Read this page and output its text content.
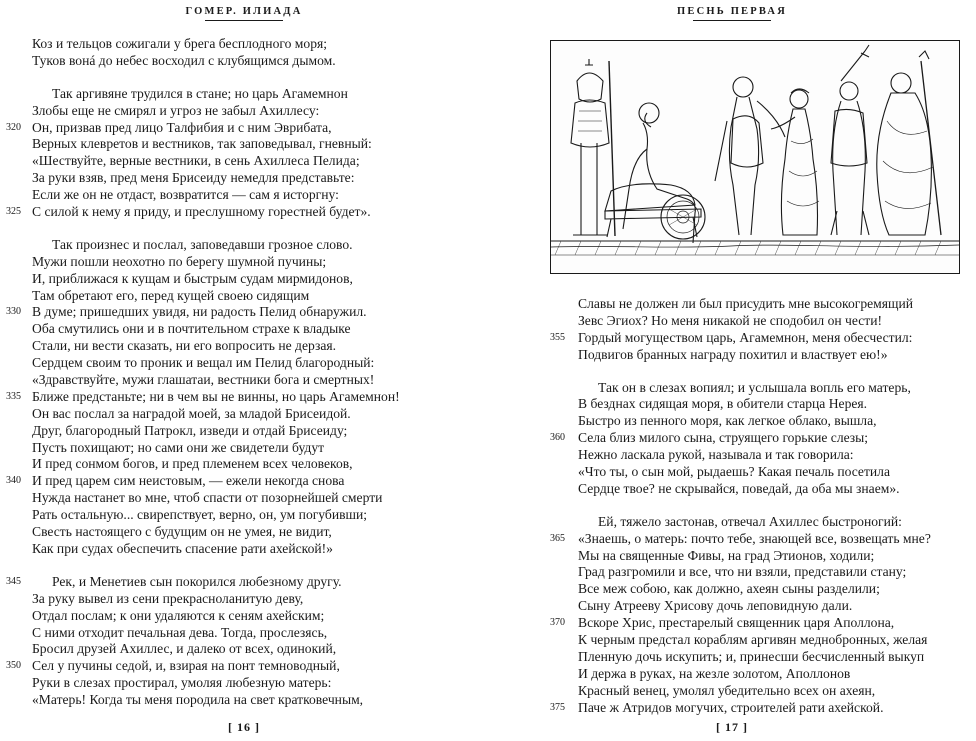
ГОМЕР. ИЛИАДА
Коз и тельцов сожигали у брега бесплодного моря;
Туков вонá до небес восходил с клубящимся дымом.
Так аргивяне трудился в стане; но царь Агамемнон
Злобы еще не смирял и угроз не забыл Ахиллесу:
320 Он, призвав пред лицо Талфибия и с ним Эврибата,
Верных клевретов и вестников, так заповедывал, гневный:
«Шествуйте, верные вестники, в сень Ахиллеса Пелида;
За руки взяв, пред меня Брисеиду немедля представьте:
Если же он не отдаст, возвратится — сам я исторгну:
325 С силой к нему я приду, и преслушному горестней будет».
Так произнес и послал, заповедавши грозное слово.
Мужи пошли неохотно по берегу шумной пучины;
И, приближася к кущам и быстрым судам мирмидонов,
Там обретают его, перед кущей своею сидящим
330 В думе; пришедших увидя, ни радость Пелид обнаружил.
Оба смутились они и в почтительном страхе к владыке
Стали, ни вести сказать, ни его вопросить не дерзая.
Сердцем своим то проник и вещал им Пелид благородный:
«Здравствуйте, мужи глашатаи, вестники бога и смертных!
335 Ближе предстаньте; ни в чем вы не винны, но царь Агамемнон!
Он вас послал за наградой моей, за младой Брисеидой.
Друг, благородный Патрокл, изведи и отдай Брисеиду;
Пусть похищают; но сами они же свидетели будут
И пред сонмом богов, и пред племенем всех человеков,
340 И пред царем сим неистовым, — ежели некогда снова
Нужда настанет во мне, чтоб спасти от позорнейшей смерти
Рать остальную... свирепствует, верно, он, ум погубивши;
Свесть настоящего с будущим он не умея, не видит,
Как при судах обеспечить спасение рати ахейской!»
345 Рек, и Менетиев сын покорился любезному другу.
За руку вывел из сени прекрасноланитую деву,
Отдал послам; к они удаляются к сеням ахейским;
С ними отходит печальная дева. Тогда, прослезясь,
Бросил друзей Ахиллес, и далеко от всех, одинокий,
350 Сел у пучины седой, и, взирая на понт темноводный,
Руки в слезах простирал, умоляя любезную матерь:
«Матерь! Когда ты меня породила на свет кратковечным,
[ 16 ]
ПЕСНЬ ПЕРВАЯ
Славы не должен ли был присудить мне высокогремящий
Зевс Эгиох? Но меня никакой не сподобил он чести!
355 Гордый могуществом царь, Агамемнон, меня обесчестил:
Подвигов бранных награду похитил и властвует ею!»
Так он в слезах вопиял; и услышала вопль его матерь,
В безднах сидящая моря, в обители старца Нерея.
Быстро из пенного моря, как легкое облако, вышла,
360 Села близ милого сына, струящего горькие слезы;
Нежно ласкала рукой, называла и так говорила:
«Что ты, о сын мой, рыдаешь? Какая печаль посетила
Сердце твое? не скрывайся, поведай, да оба мы знаем».
Ей, тяжело застонав, отвечал Ахиллес быстроногий:
365 «Знаешь, о матерь: почто тебе, знающей все, возвещать мне?
Мы на священные Фивы, на град Этионов, ходили;
Град разгромили и все, что ни взяли, представили стану;
Все меж собою, как должно, ахеян сыны разделили;
Сыну Атрееву Хрисову дочь леповидную дали.
370 Вскоре Хрис, престарелый священник царя Аполлона,
К черным предстал кораблям аргивян меднобронных, желая
Пленную дочь искупить; и, принесши бесчисленный выкуп
И держа в руках, на жезле золотом, Аполлонов
Красный венец, умолял убедительно всех он ахеян,
375 Паче ж Атридов могучих, строителей рати ахейской.
[ 17 ]
